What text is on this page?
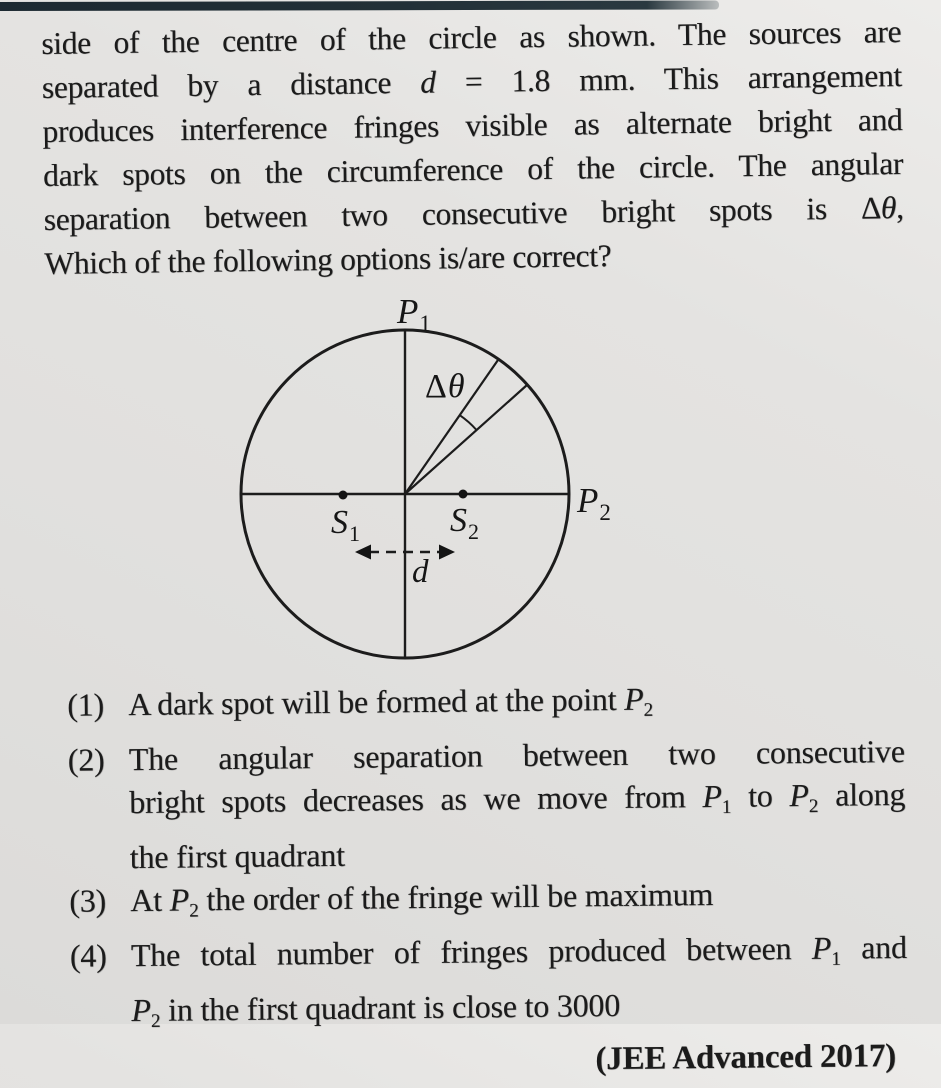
side of the centre of the circle as shown. The sources are
separated by a distance d = 1.8 mm. This arrangement
produces interference fringes visible as alternate bright and
dark spots on the circumference of the circle. The angular
separation between two consecutive bright spots is Δθ,
Which of the following options is/are correct?
$P_1$
$P_2$
$S_1$	$S_2$
Δθ
d
(1) A dark spot will be formed at the point P2
(2) The angular separation between two consecutive
bright spots decreases as we move from P1 to P2 along
the first quadrant
(3) At P2 the order of the fringe will be maximum
(4) The total number of fringes produced between P1 and
P2 in the first quadrant is close to 3000
(JEE Advanced 2017)
